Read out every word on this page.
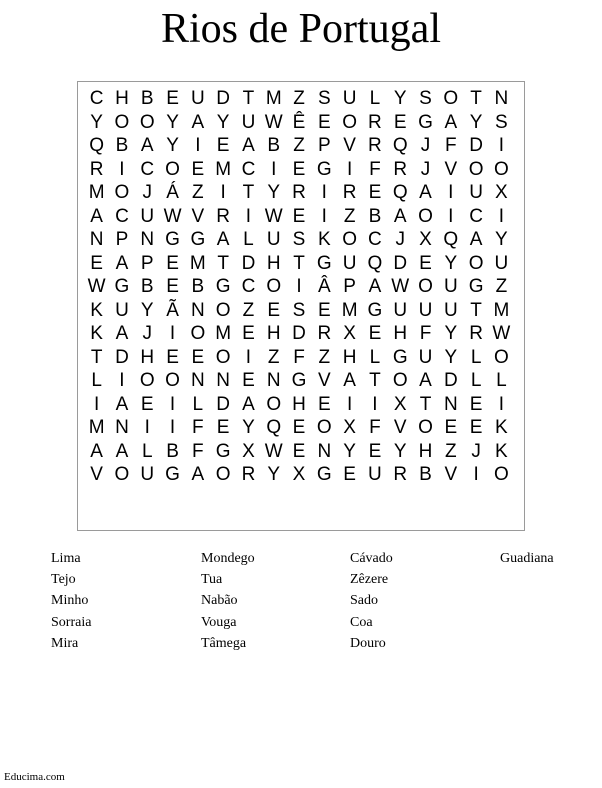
Rios de Portugal
C H B E U D T M Z S U L Y S O T N
Y O O Y A Y U W Ê E O R E G A Y S
Q B A Y I E A B Z P V R Q J F D I
R I C O E M C I E G I F R J V O O
M O J Á Z I T Y R I R E Q A I U X
A C U W V R I W E I Z B A O I C I
N P N G G A L U S K O C J X Q A Y
E A P E M T D H T G U Q D E Y O U
W G B E B G C O I Â P A W O U G Z
K U Y Ã N O Z E S E M G U U U T M
K A J I O M E H D R X E H F Y R W
T D H E E O I Z F Z H L G U Y L O
L I O O N N E N G V A T O A D L L
I A E I L D A O H E I	I X T N E I
M N I	I F E Y Q E O X F V O E E K
A A L B F G X W E N Y E Y H Z J K
V O U G A O R Y X G E U R B V I O
Lima
Tejo
Minho
Sorraia
Mira
Mondego
Tua
Nabão
Vouga
Tâmega
Cávado
Zêzere
Sado
Coa
Douro
Guadiana
Educima.com
